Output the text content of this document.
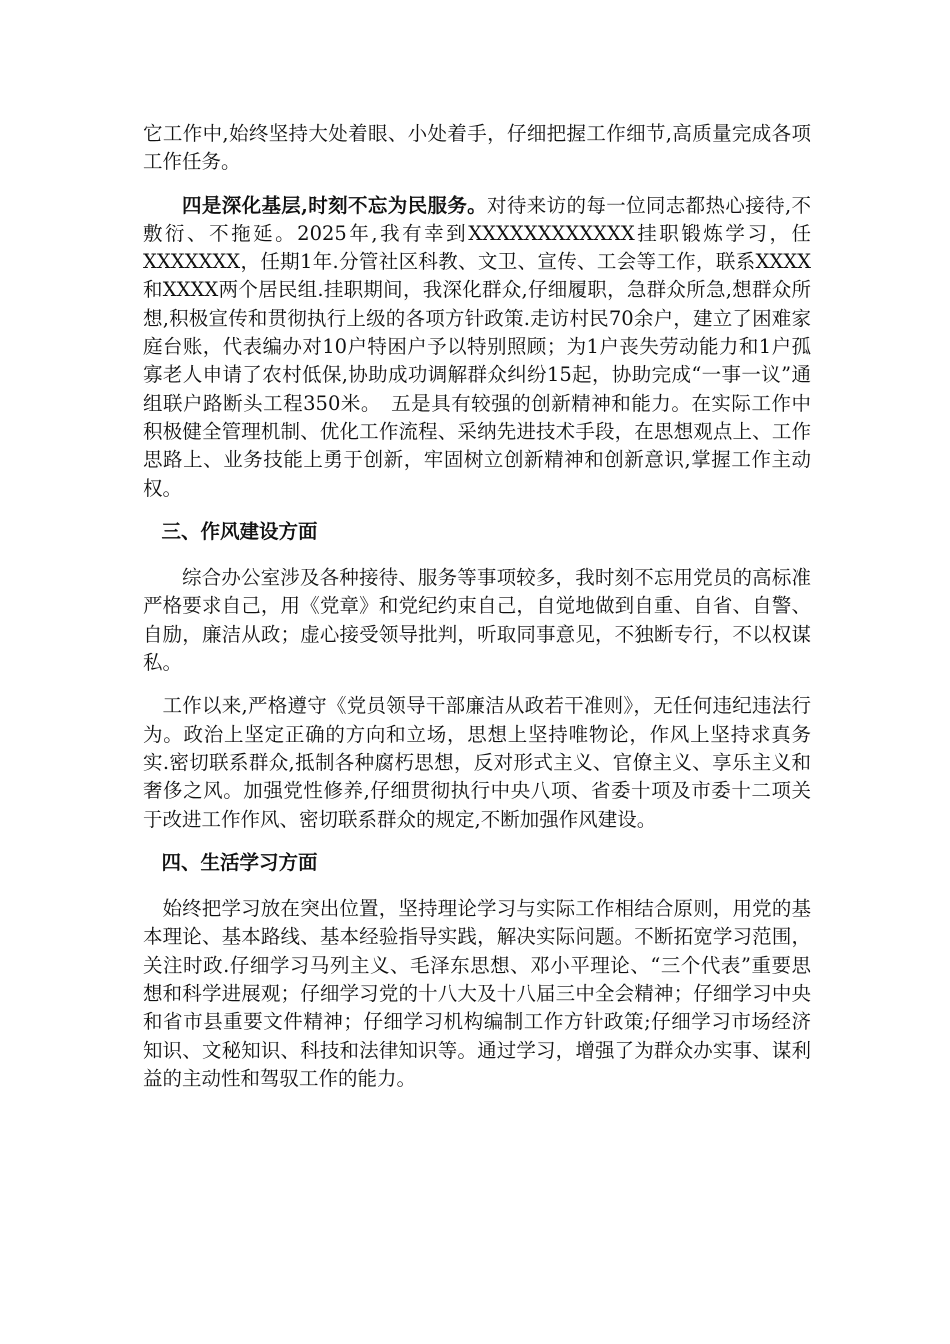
它工作中,始终坚持大处着眼、小处着手，仔细把握工作细节,高质量完成各项工作任务。

四是深化基层,时刻不忘为民服务。对待来访的每一位同志都热心接待,不敷衍、不拖延。2025年,我有幸到XXXXXXXXXXXX挂职锻炼学习，任XXXXXXX，任期1年.分管社区科教、文卫、宣传、工会等工作，联系XXXX和XXXX两个居民组.挂职期间，我深化群众,仔细履职，急群众所急,想群众所想,积极宣传和贯彻执行上级的各项方针政策.走访村民70余户，建立了困难家庭台账，代表编办对10户特困户予以特别照顾；为1户丧失劳动能力和1户孤寡老人申请了农村低保,协助成功调解群众纠纷15起，协助完成“一事一议”通组联户路断头工程350米。　五是具有较强的创新精神和能力。在实际工作中积极健全管理机制、优化工作流程、采纳先进技术手段，在思想观点上、工作思路上、业务技能上勇于创新，牢固树立创新精神和创新意识,掌握工作主动权。

三、作风建设方面

综合办公室涉及各种接待、服务等事项较多，我时刻不忘用党员的高标准严格要求自己，用《党章》和党纪约束自己，自觉地做到自重、自省、自警、自励，廉洁从政；虚心接受领导批判，听取同事意见，不独断专行，不以权谋私。

工作以来,严格遵守《党员领导干部廉洁从政若干准则》，无任何违纪违法行为。政治上坚定正确的方向和立场，思想上坚持唯物论，作风上坚持求真务实.密切联系群众,抵制各种腐朽思想，反对形式主义、官僚主义、享乐主义和奢侈之风。加强党性修养,仔细贯彻执行中央八项、省委十项及市委十二项关于改进工作作风、密切联系群众的规定,不断加强作风建设。

四、生活学习方面

始终把学习放在突出位置，坚持理论学习与实际工作相结合原则，用党的基本理论、基本路线、基本经验指导实践，解决实际问题。不断拓宽学习范围，关注时政.仔细学习马列主义、毛泽东思想、邓小平理论、“三个代表”重要思想和科学进展观；仔细学习党的十八大及十八届三中全会精神；仔细学习中央和省市县重要文件精神；仔细学习机构编制工作方针政策;仔细学习市场经济知识、文秘知识、科技和法律知识等。通过学习，增强了为群众办实事、谋利益的主动性和驾驭工作的能力。
